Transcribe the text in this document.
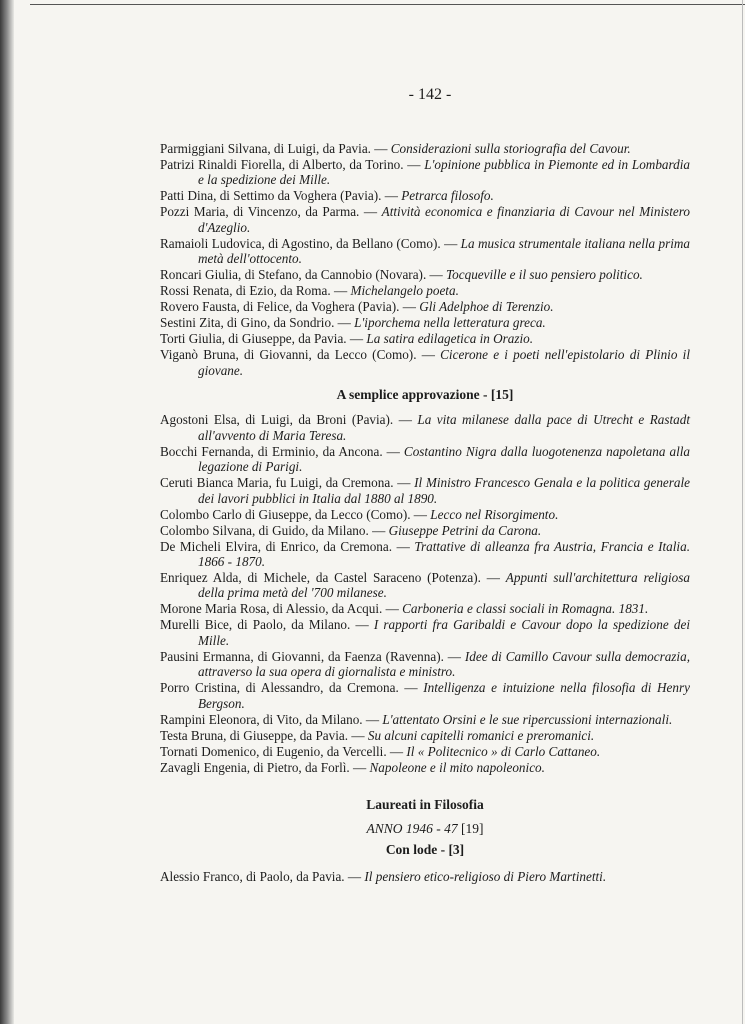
- 142 -
Parmiggiani Silvana, di Luigi, da Pavia. — Considerazioni sulla storiografia del Cavour.
Patrizi Rinaldi Fiorella, di Alberto, da Torino. — L'opinione pubblica in Piemonte ed in Lombardia e la spedizione dei Mille.
Patti Dina, di Settimo da Voghera (Pavia). — Petrarca filosofo.
Pozzi Maria, di Vincenzo, da Parma. — Attività economica e finanziaria di Cavour nel Ministero d'Azeglio.
Ramaioli Ludovica, di Agostino, da Bellano (Como). — La musica strumentale italiana nella prima metà dell'ottocento.
Roncari Giulia, di Stefano, da Cannobio (Novara). — Tocqueville e il suo pensiero politico.
Rossi Renata, di Ezio, da Roma. — Michelangelo poeta.
Rovero Fausta, di Felice, da Voghera (Pavia). — Gli Adelphoe di Terenzio.
Sestini Zita, di Gino, da Sondrio. — L'iporchema nella letteratura greca.
Torti Giulia, di Giuseppe, da Pavia. — La satira edilagetica in Orazio.
Viganò Bruna, di Giovanni, da Lecco (Como). — Cicerone e i poeti nell'epistolario di Plinio il giovane.
A semplice approvazione - [15]
Agostoni Elsa, di Luigi, da Broni (Pavia). — La vita milanese dalla pace di Utrecht e Rastadt all'avvento di Maria Teresa.
Bocchi Fernanda, di Erminio, da Ancona. — Costantino Nigra dalla luogotenenza napoletana alla legazione di Parigi.
Ceruti Bianca Maria, fu Luigi, da Cremona. — Il Ministro Francesco Genala e la politica generale dei lavori pubblici in Italia dal 1880 al 1890.
Colombo Carlo di Giuseppe, da Lecco (Como). — Lecco nel Risorgimento.
Colombo Silvana, di Guido, da Milano. — Giuseppe Petrini da Carona.
De Micheli Elvira, di Enrico, da Cremona. — Trattative di alleanza fra Austria, Francia e Italia. 1866 - 1870.
Enriquez Alda, di Michele, da Castel Saraceno (Potenza). — Appunti sull'architettura religiosa della prima metà del '700 milanese.
Morone Maria Rosa, di Alessio, da Acqui. — Carboneria e classi sociali in Romagna. 1831.
Murelli Bice, di Paolo, da Milano. — I rapporti fra Garibaldi e Cavour dopo la spedizione dei Mille.
Pausini Ermanna, di Giovanni, da Faenza (Ravenna). — Idee di Camillo Cavour sulla democrazia, attraverso la sua opera di giornalista e ministro.
Porro Cristina, di Alessandro, da Cremona. — Intelligenza e intuizione nella filosofia di Henry Bergson.
Rampini Eleonora, di Vito, da Milano. — L'attentato Orsini e le sue ripercussioni internazionali.
Testa Bruna, di Giuseppe, da Pavia. — Su alcuni capitelli romanici e preromanici.
Tornati Domenico, di Eugenio, da Vercelli. — Il « Politecnico » di Carlo Cattaneo.
Zavagli Engenia, di Pietro, da Forlì. — Napoleone e il mito napoleonico.
Laureati in Filosofia
ANNO 1946 - 47 [19]
Con lode - [3]
Alessio Franco, di Paolo, da Pavia. — Il pensiero etico-religioso di Piero Martinetti.
